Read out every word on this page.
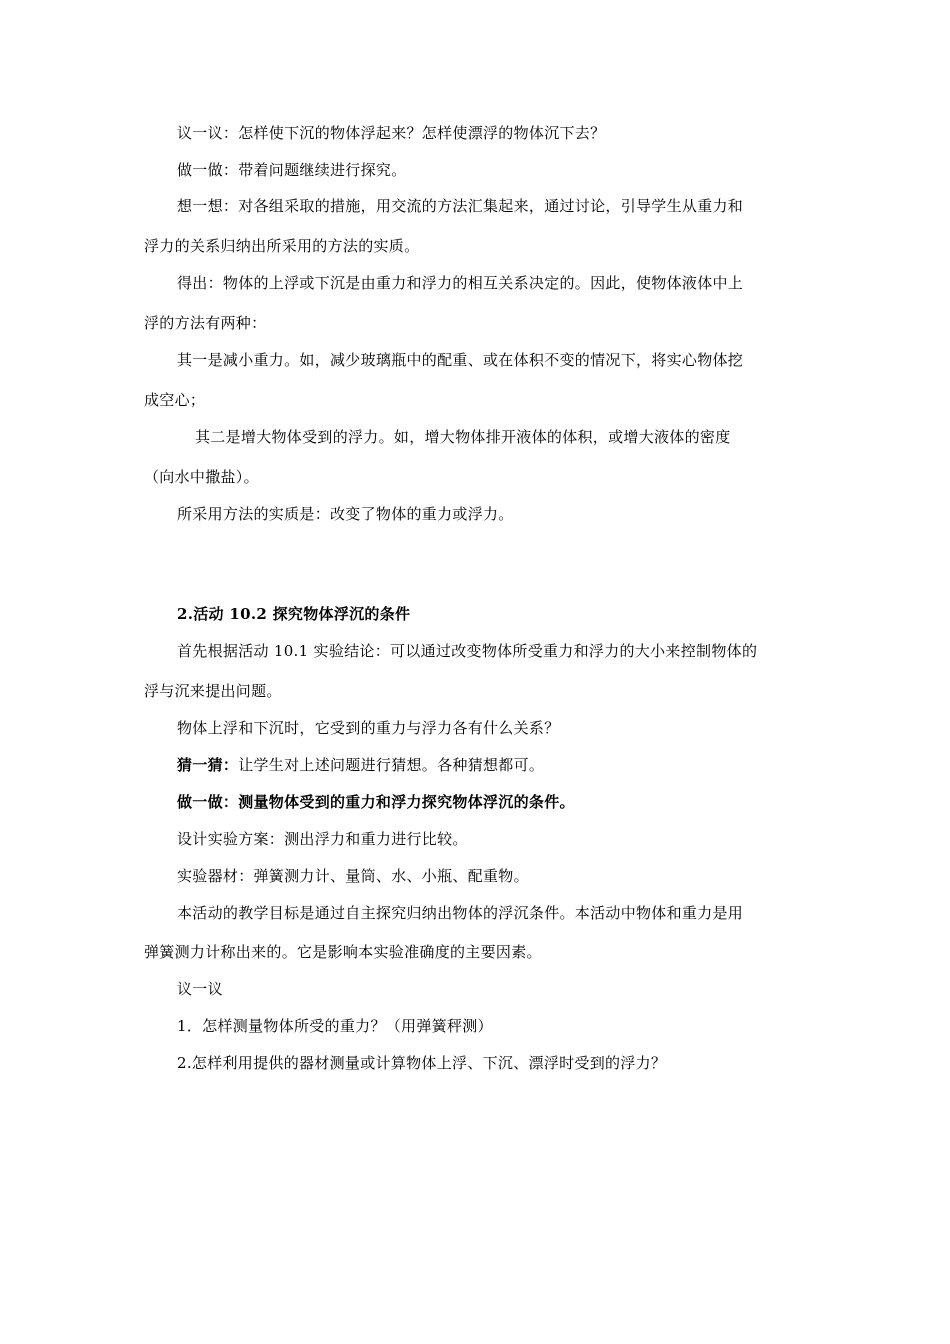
议一议：怎样使下沉的物体浮起来？怎样使漂浮的物体沉下去？
做一做：带着问题继续进行探究。
想一想：对各组采取的措施，用交流的方法汇集起来，通过讨论，引导学生从重力和
浮力的关系归纳出所采用的方法的实质。
得出：物体的上浮或下沉是由重力和浮力的相互关系决定的。因此，使物体液体中上
浮的方法有两种：
其一是减小重力。如，减少玻璃瓶中的配重、或在体积不变的情况下，将实心物体挖
成空心；
其二是增大物体受到的浮力。如，增大物体排开液体的体积，或增大液体的密度
（向水中撒盐）。
所采用方法的实质是：改变了物体的重力或浮力。
2.活动 10.2 探究物体浮沉的条件
首先根据活动 10.1 实验结论：可以通过改变物体所受重力和浮力的大小来控制物体的
浮与沉来提出问题。
物体上浮和下沉时，它受到的重力与浮力各有什么关系？
猜一猜：让学生对上述问题进行猜想。各种猜想都可。
做一做：测量物体受到的重力和浮力探究物体浮沉的条件。
设计实验方案：测出浮力和重力进行比较。
实验器材：弹簧测力计、量筒、水、小瓶、配重物。
本活动的教学目标是通过自主探究归纳出物体的浮沉条件。本活动中物体和重力是用
弹簧测力计称出来的。它是影响本实验准确度的主要因素。
议一议
1．怎样测量物体所受的重力？（用弹簧秤测）
2.怎样利用提供的器材测量或计算物体上浮、下沉、漂浮时受到的浮力？
